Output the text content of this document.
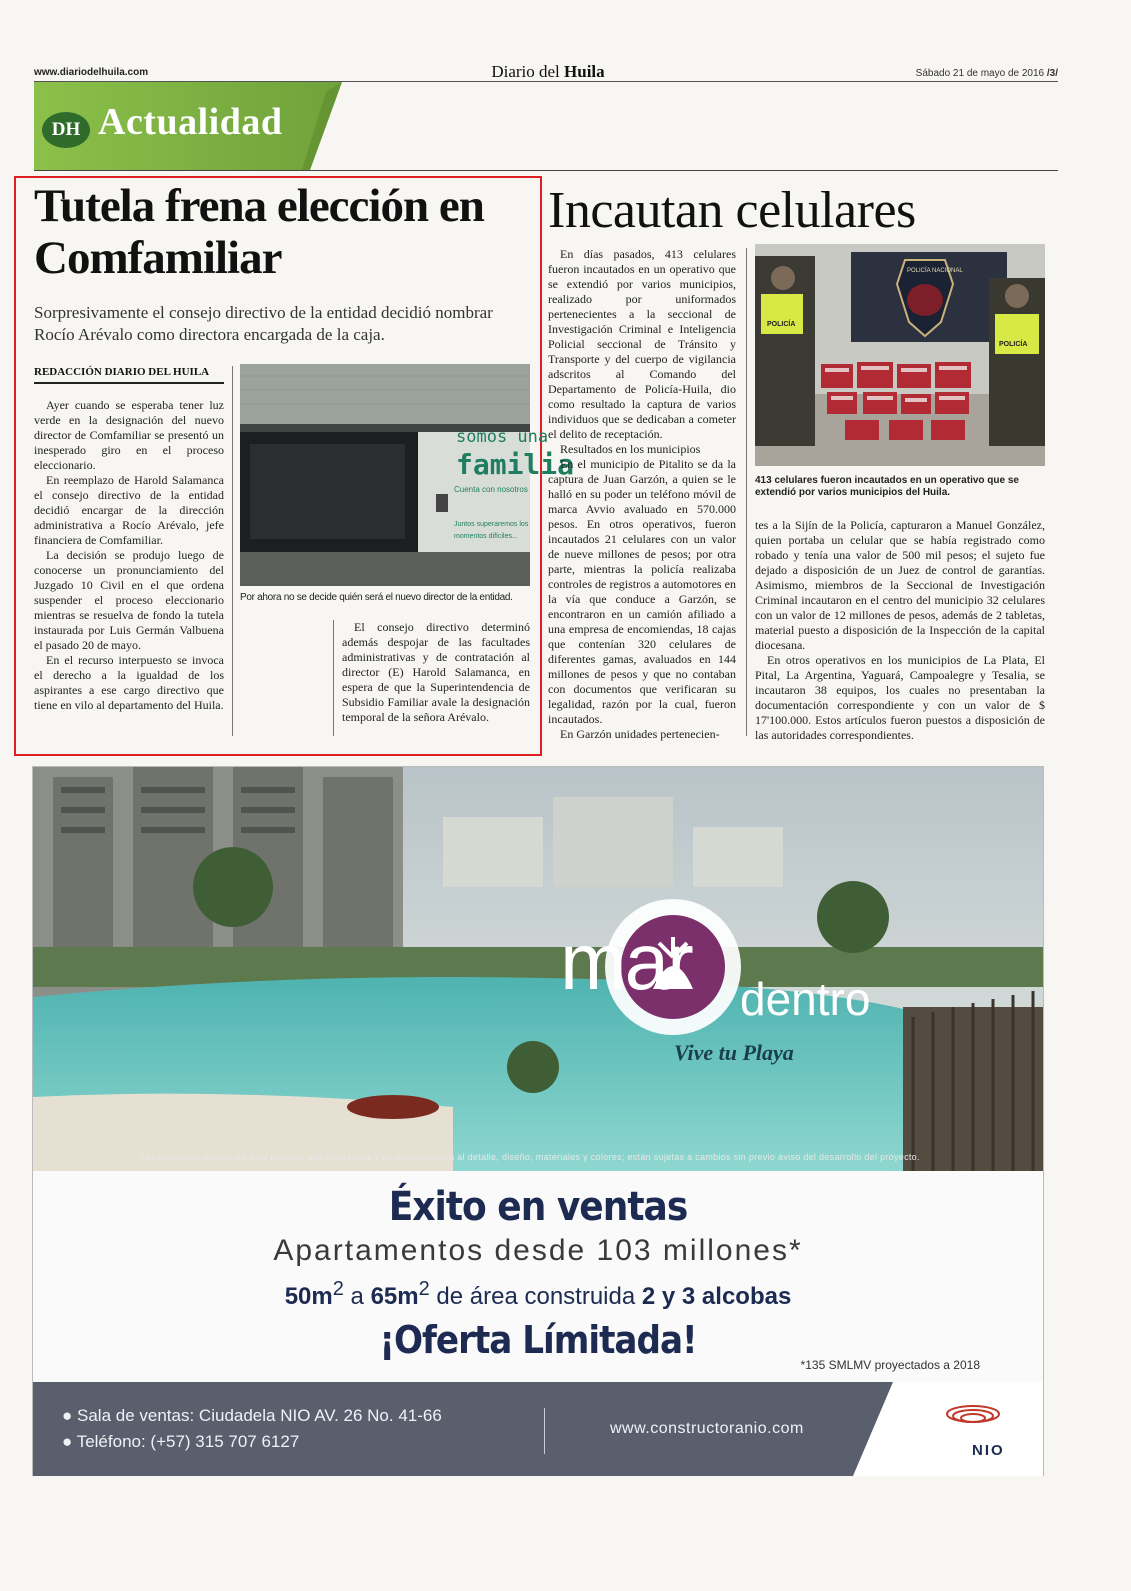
www.diariodelhuila.com	Diario del Huila	Sábado 21 de mayo de 2016 /3/
DH Actualidad
Tutela frena elección en Comfamiliar
Sorpresivamente el consejo directivo de la entidad decidió nombrar Rocío Arévalo como directora encargada de la caja.
REDACCIÓN DIARIO DEL HUILA

Ayer cuando se esperaba tener luz verde en la designación del nuevo director de Comfamiliar se presentó un inesperado giro en el proceso eleccionario.

En reemplazo de Harold Salamanca el consejo directivo de la entidad decidió encargar de la dirección administrativa a Rocío Arévalo, jefe financiera de Comfamiliar.

La decisión se produjo luego de conocerse un pronunciamiento del Juzgado 10 Civil en el que ordena suspender el proceso eleccionario mientras se resuelva de fondo la tutela instaurada por Luis Germán Valbuena el pasado 20 de mayo.

En el recurso interpuesto se invoca el derecho a la igualdad de los aspirantes a ese cargo directivo que tiene en vilo al departamento del Huila.

somos una
familia
Cuenta con nosotros
Juntos superaremos los
momentos difíciles...
Por ahora no se decide quién será el nuevo director de la entidad.

El consejo directivo determinó además despojar de las facultades administrativas y de contratación al director (E) Harold Salamanca, en espera de que la Superintendencia de Subsidio Familiar avale la designación temporal de la señora Arévalo.

Incautan celulares

En días pasados, 413 celulares fueron incautados en un operativo que se extendió por varios municipios, realizado por uniformados pertenecientes a la seccional de Investigación Criminal e Inteligencia Policial seccional de Tránsito y Transporte y del cuerpo de vigilancia adscritos al Comando del Departamento de Policía-Huila, dio como resultado la captura de varios individuos que se dedicaban a cometer el delito de receptación.

Resultados en los municipios

En el municipio de Pitalito se da la captura de Juan Garzón, a quien se le halló en su poder un teléfono móvil de marca Avvio avaluado en 570.000 pesos. En otros operativos, fueron incautados 21 celulares con un valor de nueve millones de pesos; por otra parte, mientras la policía realizaba controles de registros a automotores en la vía que conduce a Garzón, se encontraron en un camión afiliado a una empresa de encomiendas, 18 cajas que contenían 320 celulares de diferentes gamas, avaluados en 144 millones de pesos y que no contaban con documentos que verificaran su legalidad, razón por la cual, fueron incautados.

En Garzón unidades pertenecien-

POLICÍA NACIONAL
POLICÍA
POLICÍA
413 celulares fueron incautados en un operativo que se extendió por varios municipios del Huila.

tes a la Sijín de la Policía, capturaron a Manuel González, quien portaba un celular que se había registrado como robado y tenía una valor de 500 mil pesos; el sujeto fue dejado a disposición de un Juez de control de garantías. Asimismo, miembros de la Seccional de Investigación Criminal incautaron en el centro del municipio 32 celulares con un valor de 12 millones de pesos, además de 2 tabletas, material puesto a disposición de la Inspección de la capital diocesana.

En otros operativos en los municipios de La Plata, El Pital, La Argentina, Yaguará, Campoalegre y Tesalia, se incautaron 38 equipos, los cuales no presentaban la documentación correspondiente y con un valor de $ 17'100.000. Estos artículos fueron puestos a disposición de las autoridades correspondientes.

Las imágenes usadas en este material son ilustrativas y no corresponden al detalle, diseño, materiales y colores; están sujetas a cambios sin previo aviso del desarrollo del proyecto.
mar dentro
Vive tu Playa
Éxito en ventas
Apartamentos desde 103 millones*
$50m^2$ a $65m^2$ de área construida 2 y 3 alcobas
¡Oferta Límitada!
*135 SMLMV proyectados a 2018
● Sala de ventas: Ciudadela NIO AV. 26 No. 41-66
● Teléfono: (+57) 315 707 6127
www.constructoranio.com
NIO
